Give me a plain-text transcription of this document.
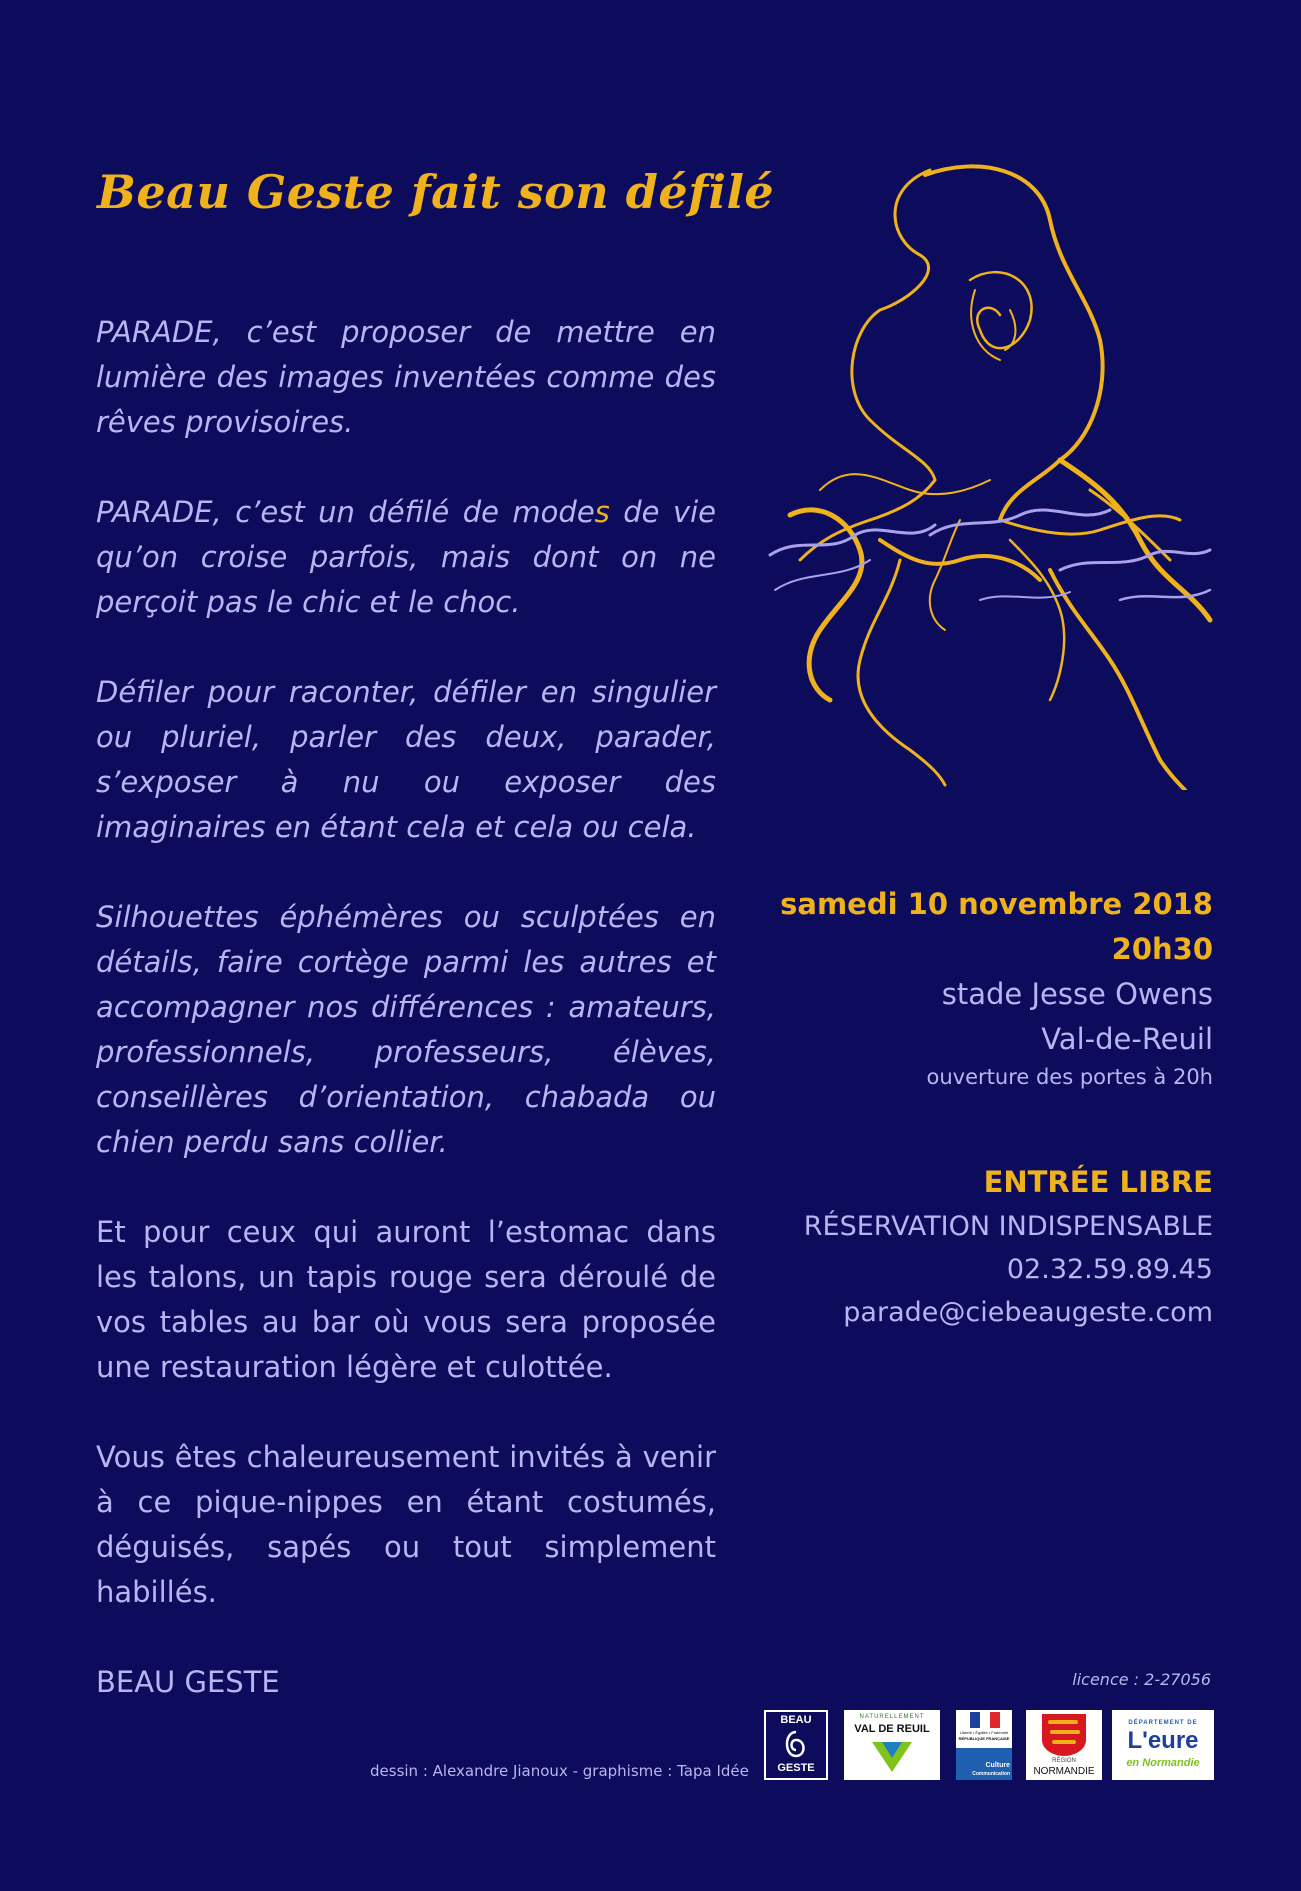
Beau Geste fait son défilé

PARADE, c’est proposer de mettre en lumière des images inventées comme des rêves provisoires.

PARADE, c’est un défilé de modes de vie qu’on croise parfois, mais dont on ne perçoit pas le chic et le choc.

Défiler pour raconter, défiler en singulier ou pluriel, parler des deux, parader, s’exposer à nu ou exposer des imaginaires en étant cela et cela ou cela.

Silhouettes éphémères ou sculptées en détails, faire cortège parmi les autres et accompagner nos différences : amateurs, professionnels, professeurs, élèves, conseillères d’orientation, chabada ou chien perdu sans collier.

Et pour ceux qui auront l’estomac dans les talons, un tapis rouge sera déroulé de vos tables au bar où vous sera proposée une restauration légère et culottée.

Vous êtes chaleureusement invités à venir à ce pique-nippes en étant costumés, déguisés, sapés ou tout simplement habillés.

BEAU GESTE
dessin : Alexandre Jianoux - graphisme : Tapa Idée
samedi 10 novembre 2018
20h30
stade Jesse Owens
Val-de-Reuil
ouverture des portes à 20h
ENTRÉE LIBRE
RÉSERVATION INDISPENSABLE
02.32.59.89.45
parade@ciebeaugeste.com
licence : 2-27056
BEAU
GESTE
NATURELLEMENT
VAL DE REUIL	Liberté • Égalité • Fraternité
RÉPUBLIQUE FRANÇAISE
Culture
Communication
RÉGION
NORMANDIE
DÉPARTEMENT DE
L'eure
en Normandie
